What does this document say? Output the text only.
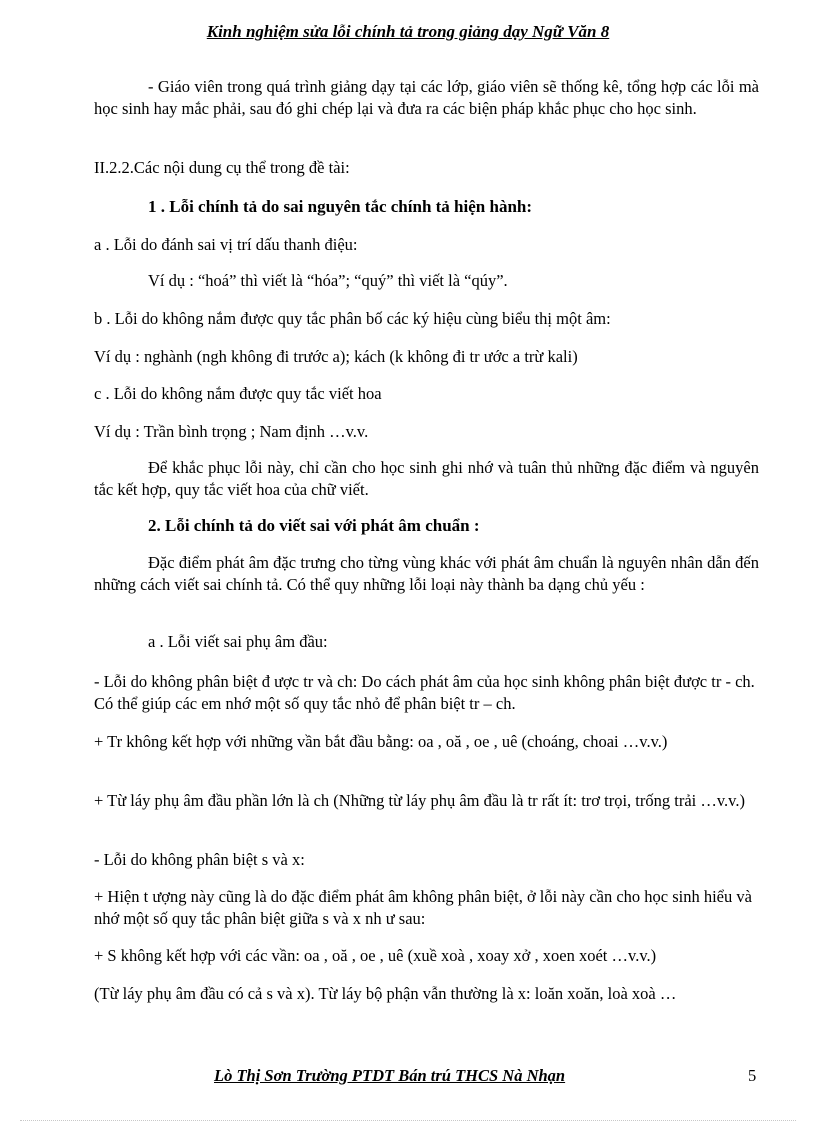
Kinh nghiệm sửa lỗi chính tả trong giảng dạy Ngữ Văn 8

- Giáo viên trong quá trình giảng dạy tại các lớp, giáo viên sẽ thống kê, tổng hợp các lỗi mà học sinh hay mắc phải, sau đó ghi chép lại và đưa ra các biện pháp khắc phục cho học sinh.

II.2.2.Các nội dung cụ thể trong đề tài:

1 . Lỗi chính tả do sai nguyên tắc chính tả hiện hành:

a . Lỗi do đánh sai vị trí dấu thanh điệu:

Ví dụ : “hoá” thì viết là “hóa”; “quý” thì viết là “qúy”.

b . Lỗi do không nắm được quy tắc phân bố các ký hiệu cùng biểu thị một âm:

Ví dụ : nghành (ngh không đi trước a); kách (k không đi tr ước a trừ kali)

c . Lỗi do không nắm được quy tắc viết hoa

Ví dụ : Trần bình trọng ; Nam định …v.v.

Để khắc phục lỗi này, chỉ cần cho học sinh ghi nhớ và tuân thủ những đặc điểm và nguyên tắc kết hợp, quy tắc viết hoa của chữ viết.

2. Lỗi chính tả do viết sai với phát âm chuẩn :

Đặc điểm phát âm đặc trưng cho từng vùng khác với phát âm chuẩn là nguyên nhân dẫn đến những cách viết sai chính tả. Có thể quy những lỗi loại này thành ba dạng chủ yếu :

a . Lỗi viết sai phụ âm đầu:

- Lỗi do không phân biệt đ ược tr và ch: Do cách phát âm của học sinh không phân biệt được tr - ch. Có thể giúp các em nhớ một số quy tắc nhỏ để phân biệt tr – ch.

+ Tr không kết hợp với những vần bắt đầu bằng: oa , oă , oe , uê (choáng, choai …v.v.)

+ Từ láy phụ âm đầu phần lớn là ch (Những từ láy phụ âm đầu là tr rất ít: trơ trọi, trống trải …v.v.)

- Lỗi do không phân biệt s và x:

+ Hiện t ượng này cũng là do đặc điểm phát âm không phân biệt, ở lỗi này cần cho học sinh hiểu và nhớ một số quy tắc phân biệt giữa s và x nh ư sau:

+ S không kết hợp với các vần: oa , oă , oe , uê (xuề xoà , xoay xở , xoen xoét …v.v.)

(Từ láy phụ âm đầu có cả s và x). Từ láy bộ phận vẫn thường là x: loăn xoăn, loà xoà …

Lò Thị Sơn Trường PTDT Bán trú THCS Nà Nhạn	5
